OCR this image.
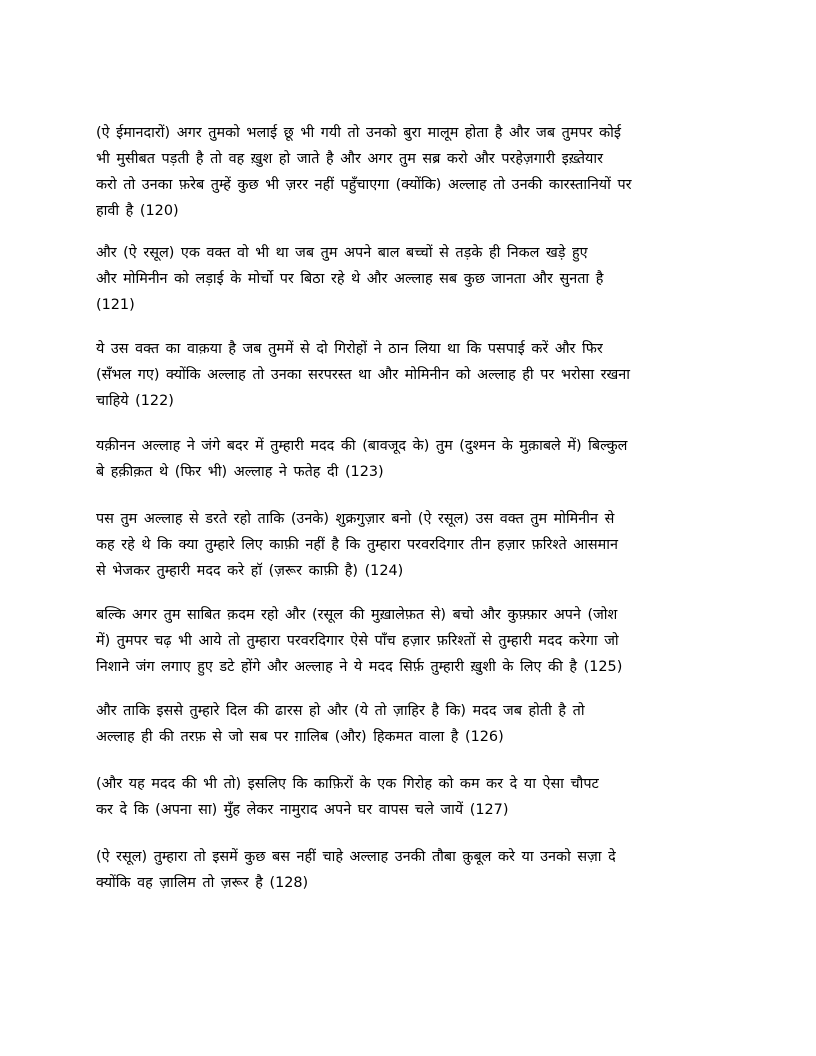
(ऐ ईमानदारों) अगर तुमको भलाई छू भी गयी तो उनको बुरा मालूम होता है और जब तुमपर कोई
भी मुसीबत पड़ती है तो वह ख़ुश हो जाते है और अगर तुम सब्र करो और परहेज़गारी इख़्तेयार
करो तो उनका फ़रेब तुम्हें कुछ भी ज़रर नहीं पहुँचाएगा (क्योंकि) अल्लाह तो उनकी कारस्तानियों पर
हावी है (120)

और (ऐ रसूल) एक वक्त वो भी था जब तुम अपने बाल बच्चों से तड़के ही निकल खड़े हुए
और मोमिनीन को लड़ाई के मोर्चो पर बिठा रहे थे और अल्लाह सब कुछ जानता और सुनता है
(121)

ये उस वक्त का वाक़या है जब तुममें से दो गिरोहों ने ठान लिया था कि पसपाई करें और फिर
(सँभल गए) क्योंकि अल्लाह तो उनका सरपरस्त था और मोमिनीन को अल्लाह ही पर भरोसा रखना
चाहिये (122)

यक़ीनन अल्लाह ने जंगे बदर में तुम्हारी मदद की (बावजूद के) तुम (दुश्मन के मुक़ाबले में) बिल्कुल
बे हक़ीक़त थे (फिर भी) अल्लाह ने फतेह दी (123)

पस तुम अल्लाह से डरते रहो ताकि (उनके) शुक्रगुज़ार बनो (ऐ रसूल) उस वक्त तुम मोमिनीन से
कह रहे थे कि क्या तुम्हारे लिए काफ़ी नहीं है कि तुम्हारा परवरदिगार तीन हज़ार फ़रिश्ते आसमान
से भेजकर तुम्हारी मदद करे हॉ (ज़रूर काफ़ी है) (124)

बल्कि अगर तुम साबित क़दम रहो और (रसूल की मुख़ालेफ़त से) बचो और कुफ़्फ़ार अपने (जोश
में) तुमपर चढ़ भी आये तो तुम्हारा परवरदिगार ऐसे पाँच हज़ार फ़रिश्तों से तुम्हारी मदद करेगा जो
निशाने जंग लगाए हुए डटे होंगे और अल्लाह ने ये मदद सिर्फ़ तुम्हारी ख़ुशी के लिए की है (125)

और ताकि इससे तुम्हारे दिल की ढारस हो और (ये तो ज़ाहिर है कि) मदद जब होती है तो
अल्लाह ही की तरफ़ से जो सब पर ग़ालिब (और) हिकमत वाला है (126)

(और यह मदद की भी तो) इसलिए कि काफ़िरों के एक गिरोह को कम कर दे या ऐसा चौपट
कर दे कि (अपना सा) मुँह लेकर नामुराद अपने घर वापस चले जायें (127)

(ऐ रसूल) तुम्हारा तो इसमें कुछ बस नहीं चाहे अल्लाह उनकी तौबा क़ुबूल करे या उनको सज़ा दे
क्योंकि वह ज़ालिम तो ज़रूर है (128)
